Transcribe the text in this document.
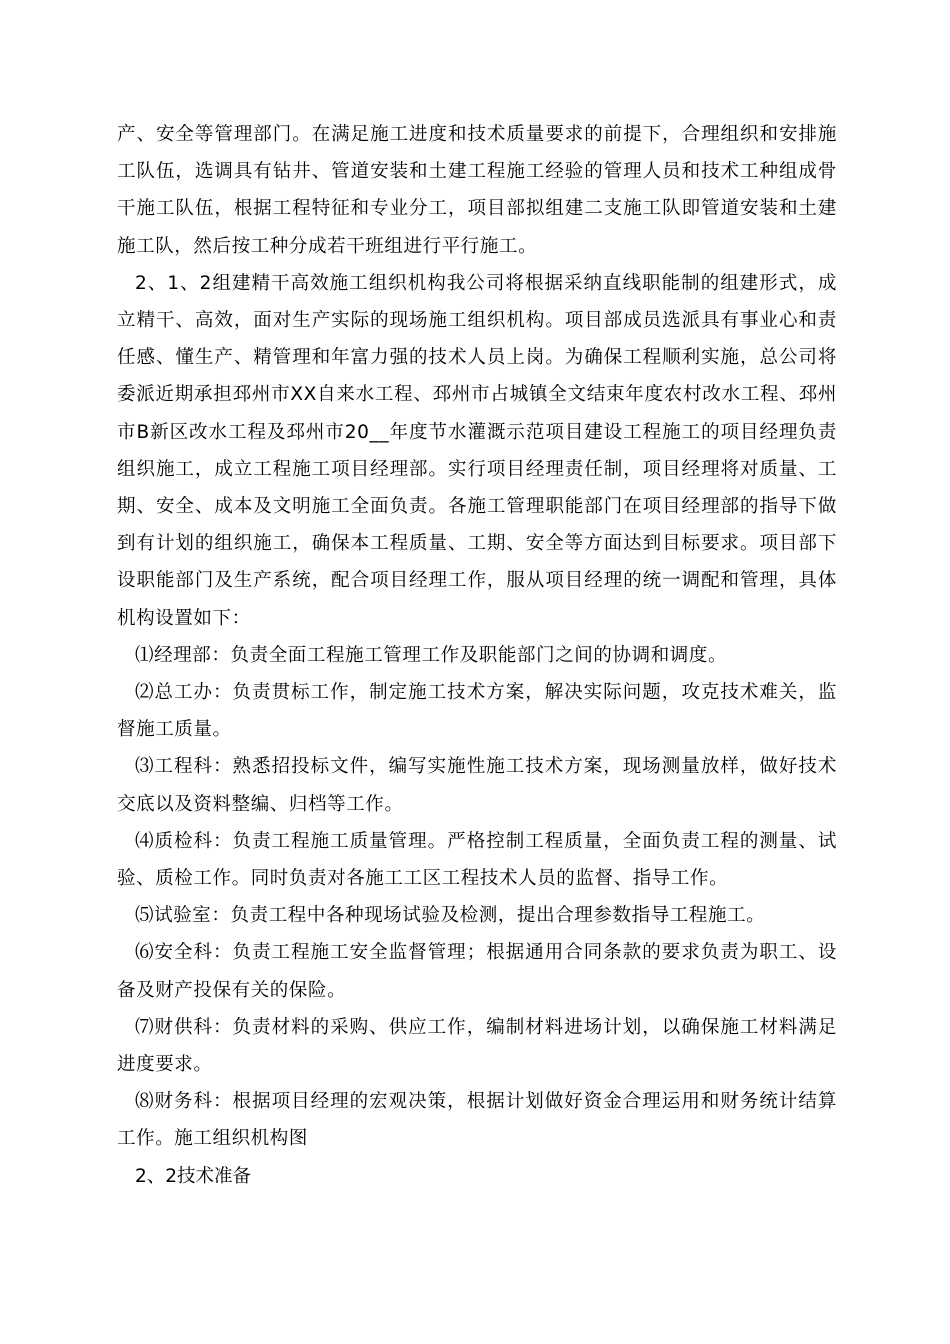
产、安全等管理部门。在满足施工进度和技术质量要求的前提下，合理组织和安排施工队伍，选调具有钻井、管道安装和土建工程施工经验的管理人员和技术工种组成骨干施工队伍，根据工程特征和专业分工，项目部拟组建二支施工队即管道安装和土建施工队，然后按工种分成若干班组进行平行施工。

2、1、2组建精干高效施工组织机构我公司将根据采纳直线职能制的组建形式，成立精干、高效，面对生产实际的现场施工组织机构。项目部成员选派具有事业心和责任感、懂生产、精管理和年富力强的技术人员上岗。为确保工程顺利实施，总公司将委派近期承担邳州市XX自来水工程、邳州市占城镇全文结束年度农村改水工程、邳州市B新区改水工程及邳州市20__年度节水灌溉示范项目建设工程施工的项目经理负责组织施工，成立工程施工项目经理部。实行项目经理责任制，项目经理将对质量、工期、安全、成本及文明施工全面负责。各施工管理职能部门在项目经理部的指导下做到有计划的组织施工，确保本工程质量、工期、安全等方面达到目标要求。项目部下设职能部门及生产系统，配合项目经理工作，服从项目经理的统一调配和管理，具体机构设置如下：

⑴经理部：负责全面工程施工管理工作及职能部门之间的协调和调度。

⑵总工办：负责贯标工作，制定施工技术方案，解决实际问题，攻克技术难关，监督施工质量。

⑶工程科：熟悉招投标文件，编写实施性施工技术方案，现场测量放样，做好技术交底以及资料整编、归档等工作。

⑷质检科：负责工程施工质量管理。严格控制工程质量，全面负责工程的测量、试验、质检工作。同时负责对各施工工区工程技术人员的监督、指导工作。

⑸试验室：负责工程中各种现场试验及检测，提出合理参数指导工程施工。

⑹安全科：负责工程施工安全监督管理；根据通用合同条款的要求负责为职工、设备及财产投保有关的保险。

⑺财供科：负责材料的采购、供应工作，编制材料进场计划，以确保施工材料满足进度要求。

⑻财务科：根据项目经理的宏观决策，根据计划做好资金合理运用和财务统计结算工作。施工组织机构图

2、2技术准备
